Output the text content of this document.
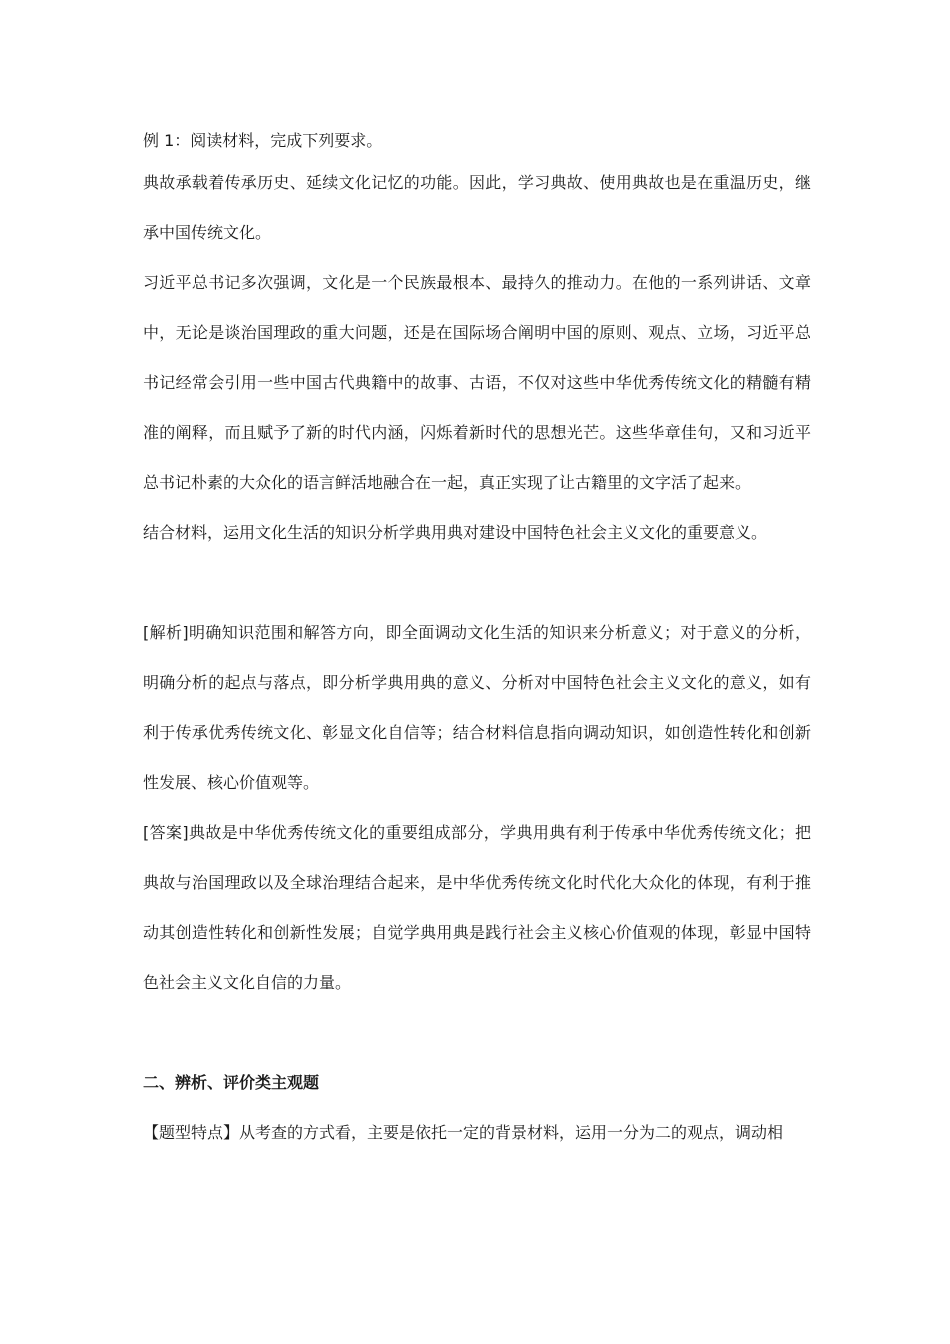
例 1：阅读材料，完成下列要求。

典故承载着传承历史、延续文化记忆的功能。因此，学习典故、使用典故也是在重温历史，继承中国传统文化。

习近平总书记多次强调，文化是一个民族最根本、最持久的推动力。在他的一系列讲话、文章中，无论是谈治国理政的重大问题，还是在国际场合阐明中国的原则、观点、立场，习近平总书记经常会引用一些中国古代典籍中的故事、古语，不仅对这些中华优秀传统文化的精髓有精准的阐释，而且赋予了新的时代内涵，闪烁着新时代的思想光芒。这些华章佳句，又和习近平总书记朴素的大众化的语言鲜活地融合在一起，真正实现了让古籍里的文字活了起来。

结合材料，运用文化生活的知识分析学典用典对建设中国特色社会主义文化的重要意义。

[解析]明确知识范围和解答方向，即全面调动文化生活的知识来分析意义；对于意义的分析，明确分析的起点与落点，即分析学典用典的意义、分析对中国特色社会主义文化的意义，如有利于传承优秀传统文化、彰显文化自信等；结合材料信息指向调动知识，如创造性转化和创新性发展、核心价值观等。

[答案]典故是中华优秀传统文化的重要组成部分，学典用典有利于传承中华优秀传统文化；把典故与治国理政以及全球治理结合起来，是中华优秀传统文化时代化大众化的体现，有利于推动其创造性转化和创新性发展；自觉学典用典是践行社会主义核心价值观的体现，彰显中国特色社会主义文化自信的力量。

二、辨析、评价类主观题

【题型特点】从考查的方式看，主要是依托一定的背景材料，运用一分为二的观点，调动相
